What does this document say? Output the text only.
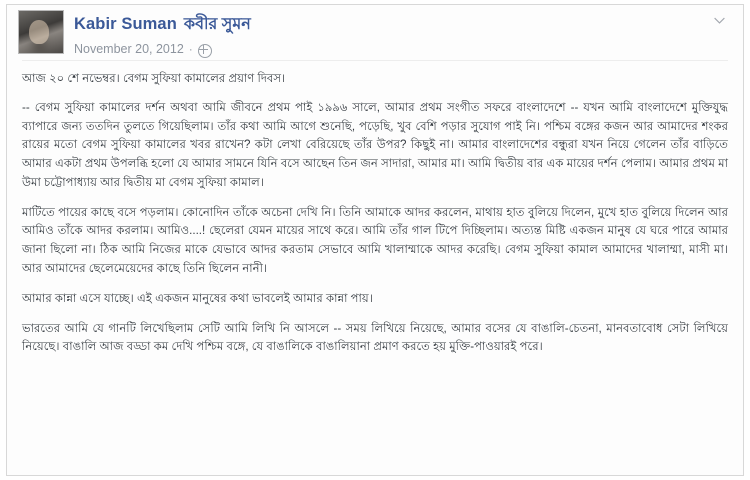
Kabir Suman কবীর সুমন
November 20, 2012 ·

আজ ২০ শে নভেম্বর। বেগম সুফিয়া কামালের প্রয়াণ দিবস।

-- বেগম সুফিয়া কামালের দর্শন অথবা আমি জীবনে প্রথম পাই ১৯৯৬ সালে, আমার প্রথম সংগীত সফরে বাংলাদেশে -- যখন আমি বাংলাদেশে মুক্তিযুদ্ধ ব্যাপারে জন্য ততদিন তুলতে গিয়েছিলাম। তাঁর কথা আমি আগে শুনেছি, পড়েছি, খুব বেশি পড়ার সুযোগ পাই নি। পশ্চিম বঙ্গের কজন আর আমাদের শংকর রায়ের মতো বেগম সুফিয়া কামালের খবর রাখেন? কটা লেখা বেরিয়েছে তাঁর উপর? কিছুই না। আমার বাংলাদেশের বন্ধুরা যখন নিয়ে গেলেন তাঁর বাড়িতে আমার একটা প্রথম উপলব্ধি হলো যে আমার সামনে যিনি বসে আছেন তিন জন সাদারা, আমার মা। আমি দ্বিতীয় বার এক মায়ের দর্শন পেলাম। আমার প্রথম মা উমা চট্টোপাধ্যায় আর দ্বিতীয় মা বেগম সুফিয়া কামাল।

মাটিতে পায়ের কাছে বসে পড়লাম। কোনোদিন তাঁকে অচেনা দেখি নি। তিনি আমাকে আদর করলেন, মাথায় হাত বুলিয়ে দিলেন, মুখে হাত বুলিয়ে দিলেন আর আমিও তাঁকে আদর করলাম। আমিও....! ছেলেরা যেমন মায়ের সাথে করে। আমি তাঁর গাল টিপে দিচ্ছিলাম। অত্যন্ত মিষ্টি একজন মানুষ যে ঘরে পারে আমার জানা ছিলো না। ঠিক আমি নিজের মাকে যেভাবে আদর করতাম সেভাবে আমি খালাম্মাকে আদর করেছি। বেগম সুফিয়া কামাল আমাদের খালাম্মা, মাসী মা। আর আমাদের ছেলেমেয়েদের কাছে তিনি ছিলেন নানী।

আমার কান্না এসে যাচ্ছে। এই একজন মানুষের কথা ভাবলেই আমার কান্না পায়।

ভারতের আমি যে গানটি লিখেছিলাম সেটি আমি লিখি নি আসলে -- সময় লিখিয়ে নিয়েছে, আমার বসের যে বাঙালি-চেতনা, মানবতাবোধ সেটা লিখিয়ে নিয়েছে। বাঙালি আজ বড্ডা কম দেখি পশ্চিম বঙ্গে, যে বাঙালিকে বাঙালিয়ানা প্রমাণ করতে হয় মুক্তি-পাওয়ারই পরে।
